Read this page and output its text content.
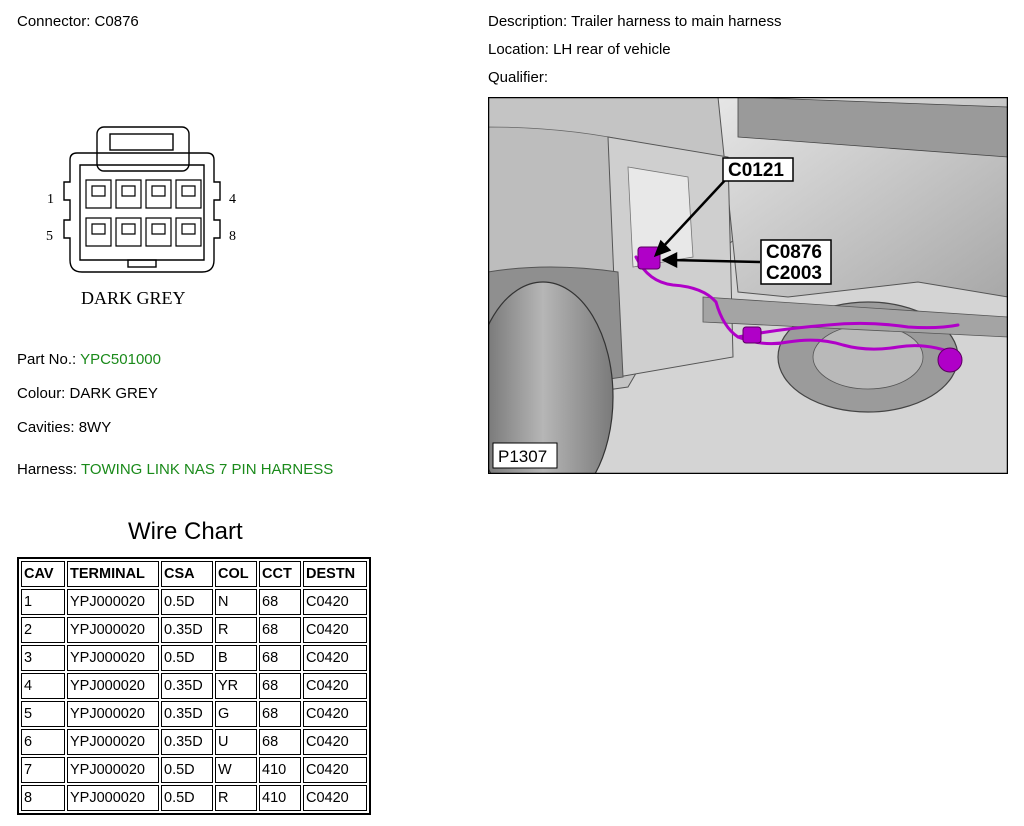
Connector: C0876	Description: Trailer harness to main harness
Location: LH rear of vehicle
Qualifier:
1	4
5	8
DARK GREY
Part No.: YPC501000
Colour: DARK GREY
Cavities: 8WY
Harness: TOWING LINK NAS 7 PIN HARNESS
Wire Chart
CAV	TERMINAL	CSA	COL	CCT	DESTN
1	YPJ000020	0.5D	N	68	C0420
2	YPJ000020	0.35D	R	68	C0420
3	YPJ000020	0.5D	B	68	C0420
4	YPJ000020	0.35D	YR	68	C0420
5	YPJ000020	0.35D	G	68	C0420
6	YPJ000020	0.35D	U	68	C0420
7	YPJ000020	0.5D	W	410	C0420
8	YPJ000020	0.5D	R	410	C0420
C0121
C0876
C2003
P1307
